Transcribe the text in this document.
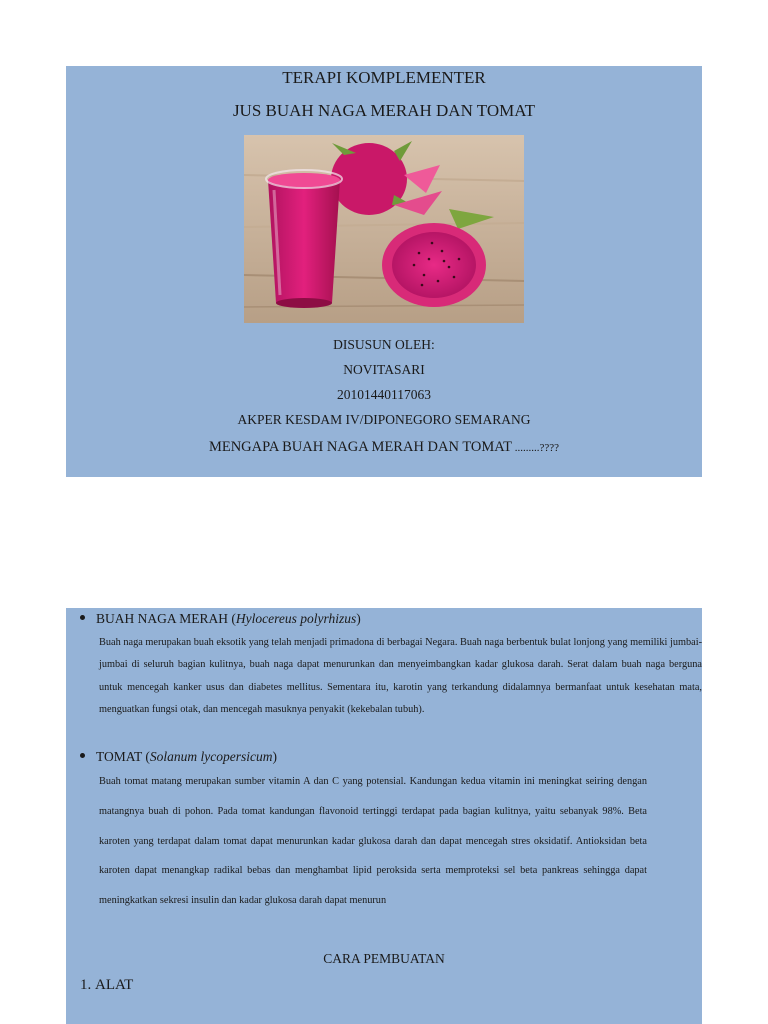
TERAPI KOMPLEMENTER
JUS BUAH NAGA MERAH DAN TOMAT
DISUSUN OLEH:
NOVITASARI
20101440117063
AKPER KESDAM IV/DIPONEGORO SEMARANG
MENGAPA BUAH NAGA MERAH DAN TOMAT .........????
BUAH NAGA MERAH (Hylocereus polyrhizus)
Buah naga merupakan buah eksotik yang telah menjadi primadona di berbagai Negara. Buah naga berbentuk bulat lonjong yang memiliki jumbai- jumbai di seluruh bagian kulitnya, buah naga dapat menurunkan dan menyeimbangkan kadar glukosa darah. Serat dalam buah naga berguna untuk mencegah kanker usus dan diabetes mellitus. Sementara itu, karotin yang terkandung didalamnya bermanfaat untuk kesehatan mata, menguatkan fungsi otak, dan mencegah masuknya penyakit (kekebalan tubuh).
TOMAT (Solanum lycopersicum)
Buah tomat matang merupakan sumber vitamin A dan C yang potensial. Kandungan kedua vitamin ini meningkat seiring dengan matangnya buah di pohon. Pada tomat kandungan flavonoid tertinggi terdapat pada bagian kulitnya, yaitu sebanyak 98%. Beta karoten yang terdapat dalam tomat dapat menurunkan kadar glukosa darah dan dapat mencegah stres oksidatif. Antioksidan beta karoten dapat menangkap radikal bebas dan menghambat lipid peroksida serta memproteksi sel beta pankreas sehingga dapat meningkatkan sekresi insulin dan kadar glukosa darah dapat menurun
CARA PEMBUATAN
1. ALAT
